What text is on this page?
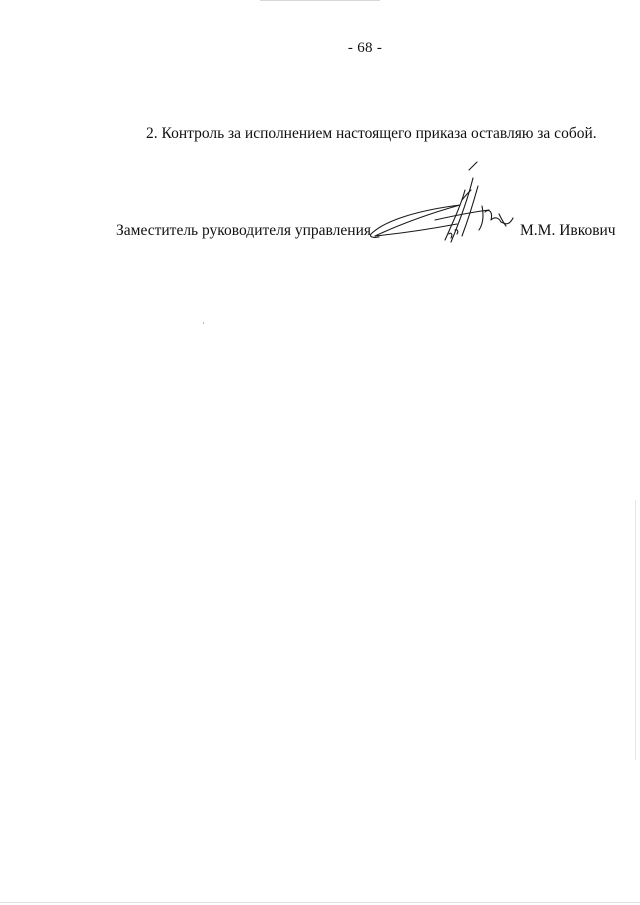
- 68 -
2. Контроль за исполнением настоящего приказа оставляю за собой.
Заместитель руководителя управления	М.М. Ивкович
